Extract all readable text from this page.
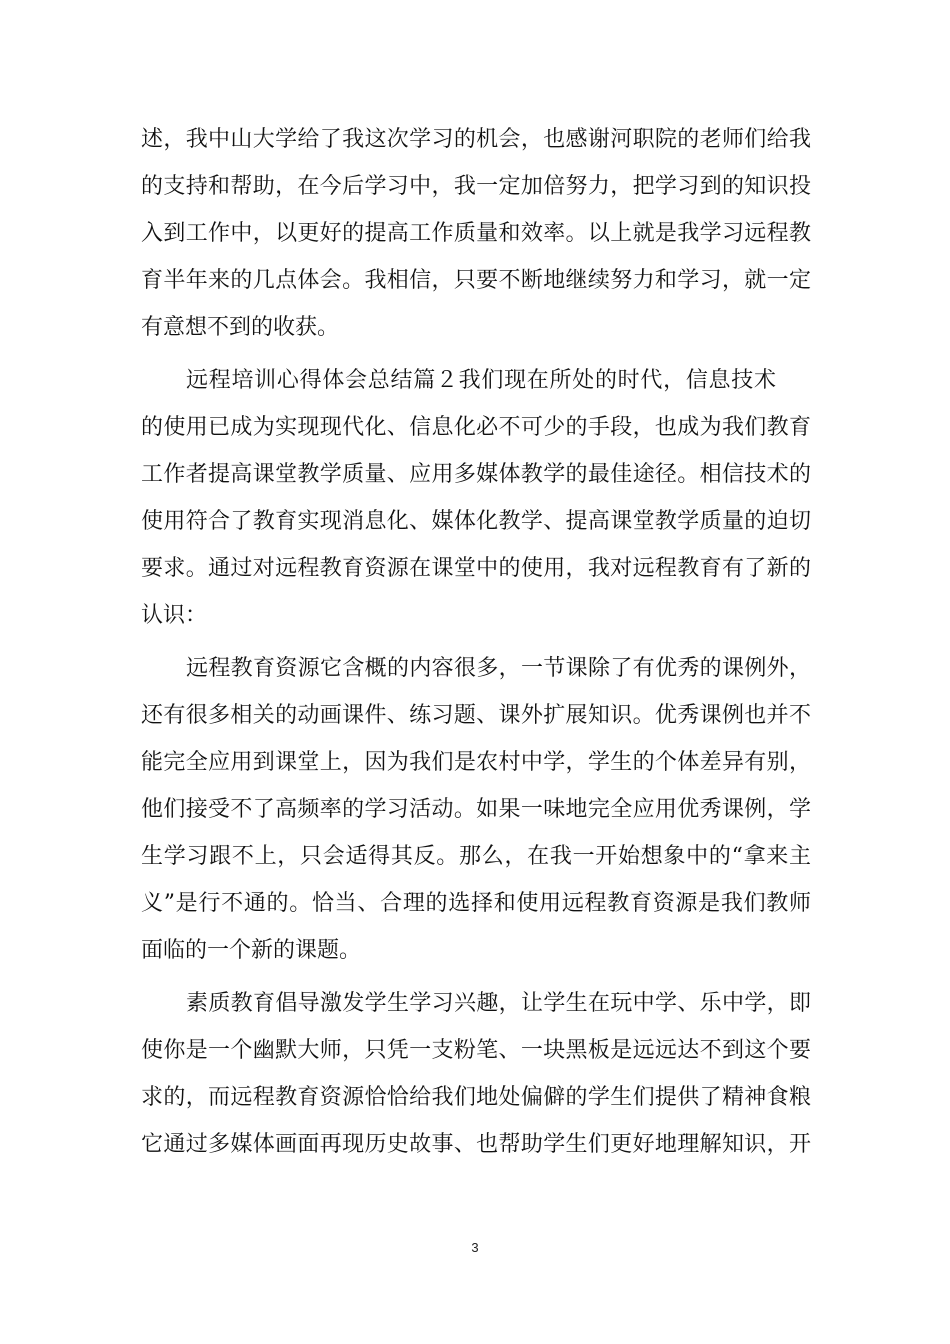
述，我中山大学给了我这次学习的机会，也感谢河职院的老师们给我
的支持和帮助，在今后学习中，我一定加倍努力，把学习到的知识投
入到工作中，以更好的提高工作质量和效率。以上就是我学习远程教
育半年来的几点体会。我相信，只要不断地继续努力和学习，就一定
有意想不到的收获。
远程培训心得体会总结篇２我们现在所处的时代，信息技术
的使用已成为实现现代化、信息化必不可少的手段，也成为我们教育
工作者提高课堂教学质量、应用多媒体教学的最佳途径。相信技术的
使用符合了教育实现消息化、媒体化教学、提高课堂教学质量的迫切
要求。通过对远程教育资源在课堂中的使用，我对远程教育有了新的
认识：
远程教育资源它含概的内容很多，一节课除了有优秀的课例外，
还有很多相关的动画课件、练习题、课外扩展知识。优秀课例也并不
能完全应用到课堂上，因为我们是农村中学，学生的个体差异有别，
他们接受不了高频率的学习活动。如果一味地完全应用优秀课例，学
生学习跟不上，只会适得其反。那么，在我一开始想象中的“拿来主
义”是行不通的。恰当、合理的选择和使用远程教育资源是我们教师
面临的一个新的课题。
素质教育倡导激发学生学习兴趣，让学生在玩中学、乐中学，即
使你是一个幽默大师，只凭一支粉笔、一块黑板是远远达不到这个要
求的，而远程教育资源恰恰给我们地处偏僻的学生们提供了精神食粮
它通过多媒体画面再现历史故事、也帮助学生们更好地理解知识，开
3
